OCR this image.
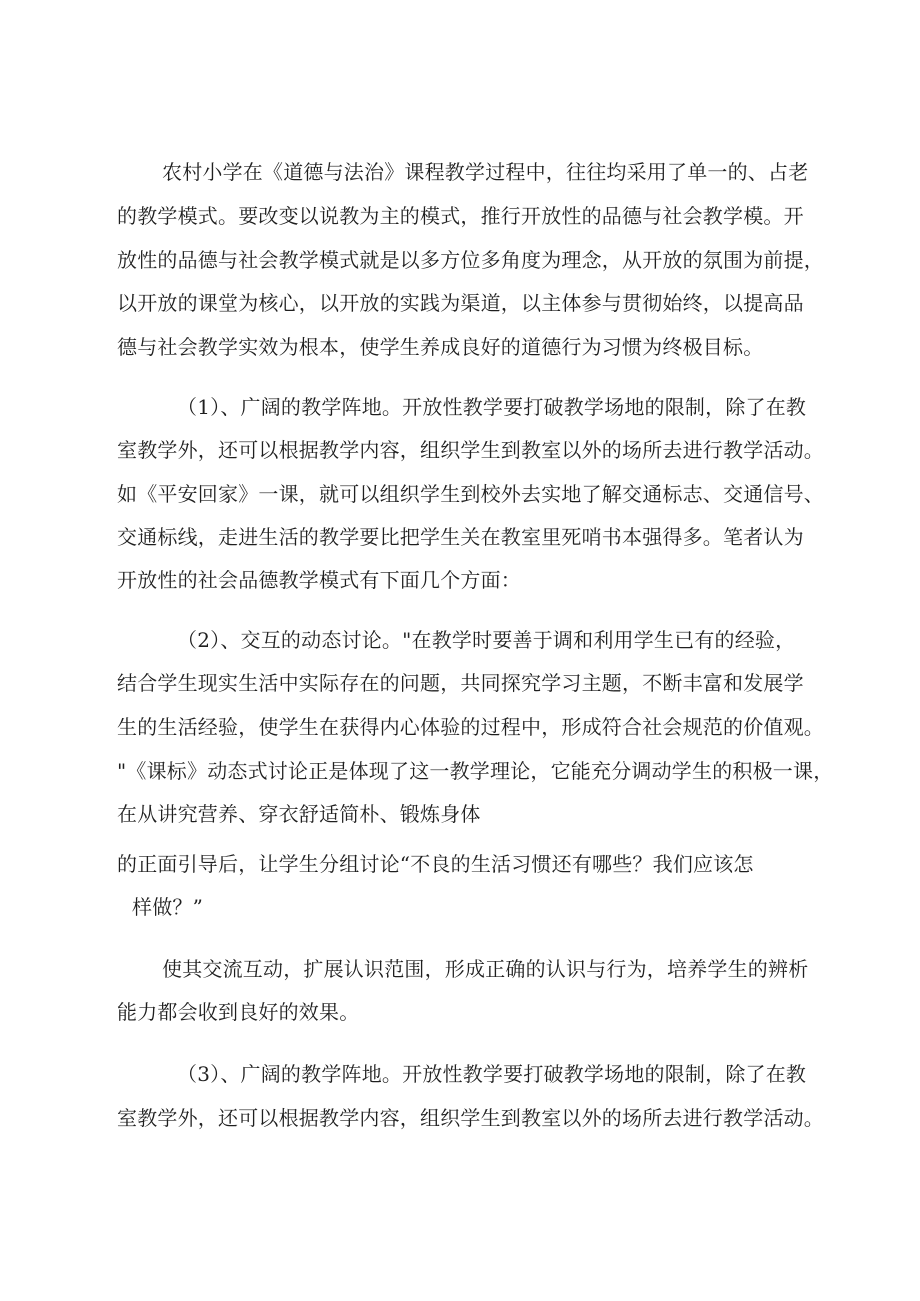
农村小学在《道德与法治》课程教学过程中，往往均采用了单一的、占老
的教学模式。要改变以说教为主的模式，推行开放性的品德与社会教学模。开
放性的品德与社会教学模式就是以多方位多角度为理念，从开放的氛围为前提，
以开放的课堂为核心，以开放的实践为渠道，以主体参与贯彻始终，以提高品
德与社会教学实效为根本，使学生养成良好的道德行为习惯为终极目标。
（1）、广阔的教学阵地。开放性教学要打破教学场地的限制，除了在教
室教学外，还可以根据教学内容，组织学生到教室以外的场所去进行教学活动。
如《平安回家》一课，就可以组织学生到校外去实地了解交通标志、交通信号、
交通标线，走进生活的教学要比把学生关在教室里死哨书本强得多。笔者认为
开放性的社会品德教学模式有下面几个方面：
（2）、交互的动态讨论。"在教学时要善于调和利用学生已有的经验，
结合学生现实生活中实际存在的问题，共同探究学习主题，不断丰富和发展学
生的生活经验，使学生在获得内心体验的过程中，形成符合社会规范的价值观。
"《课标》动态式讨论正是体现了这一教学理论，它能充分调动学生的积极一课，
在从讲究营养、穿衣舒适简朴、锻炼身体
的正面引导后，让学生分组讨论“不良的生活习惯还有哪些？我们应该怎
样做？”
使其交流互动，扩展认识范围，形成正确的认识与行为，培养学生的辨析
能力都会收到良好的效果。
（3）、广阔的教学阵地。开放性教学要打破教学场地的限制，除了在教
室教学外，还可以根据教学内容，组织学生到教室以外的场所去进行教学活动。
